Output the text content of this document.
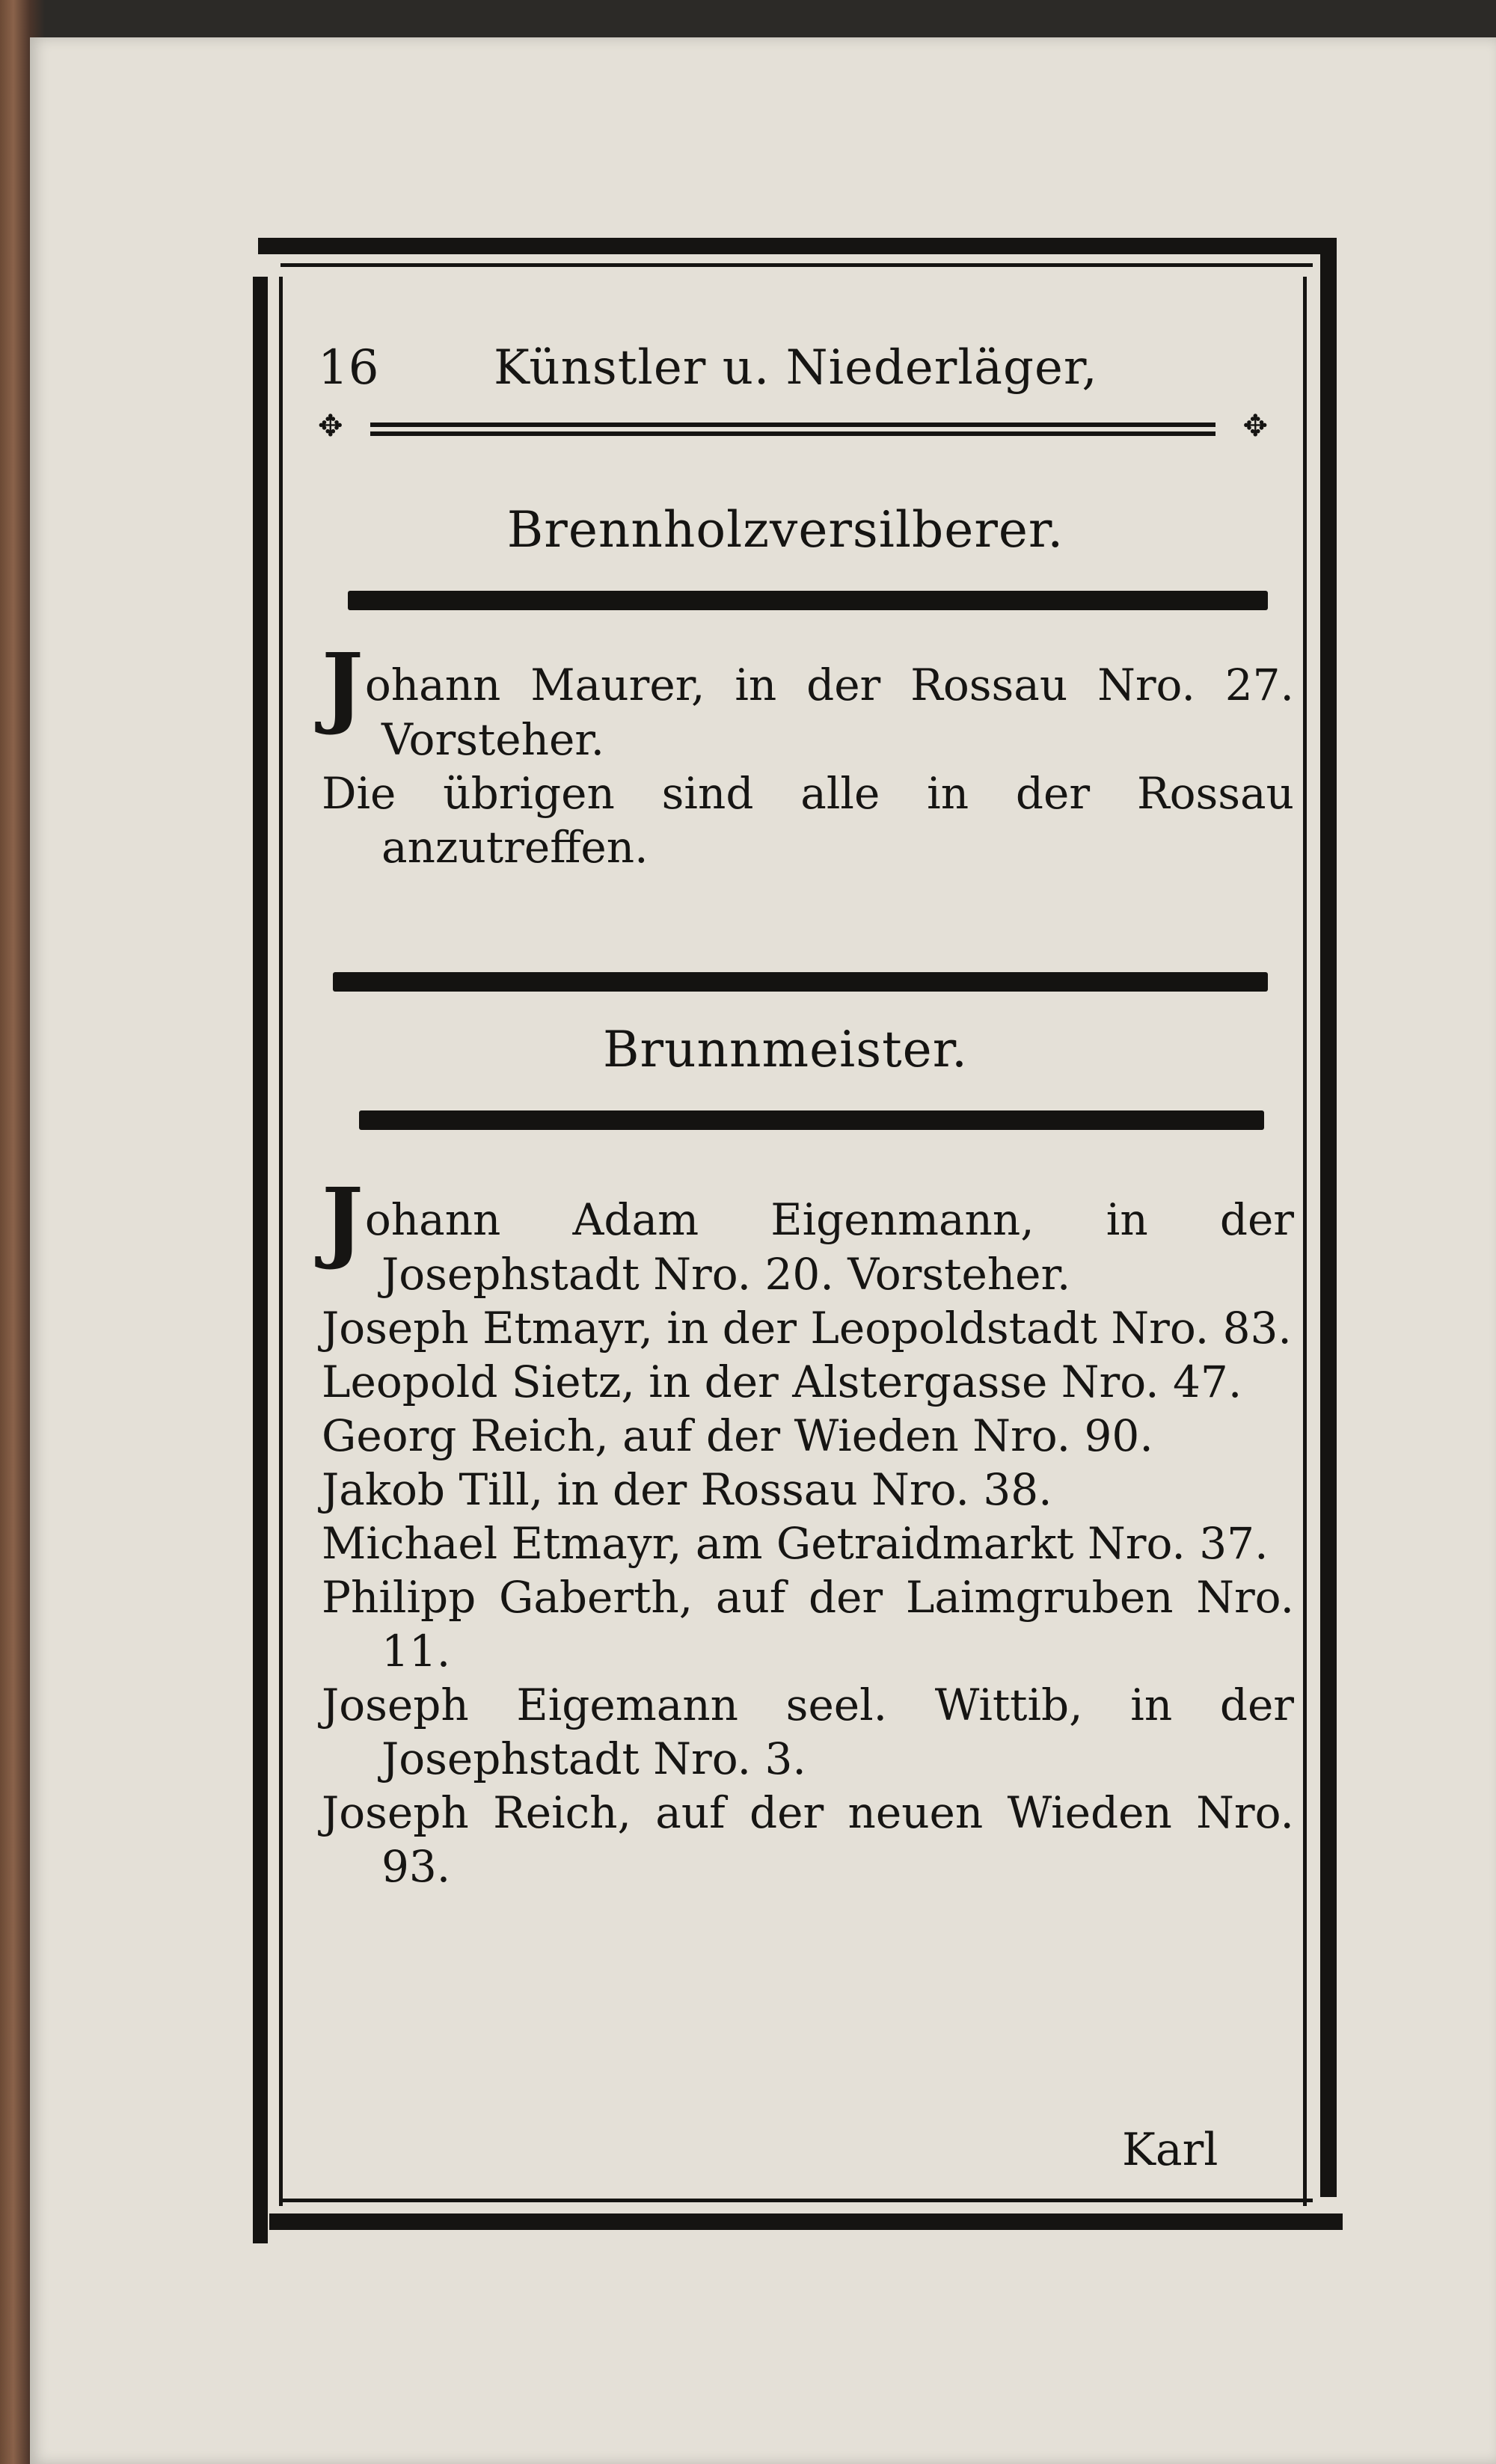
16 Künstler u. Niederläger,
✥	✥
Brennholzversilberer.
Johann Maurer, in der Rossau Nro. 27. Vorsteher.
Die übrigen sind alle in der Rossau anzutreffen.
Brunnmeister.
Johann Adam Eigenmann, in der Josephstadt Nro. 20. Vorsteher.
Joseph Etmayr, in der Leopoldstadt Nro. 83.
Leopold Sietz, in der Alstergasse Nro. 47.
Georg Reich, auf der Wieden Nro. 90.
Jakob Till, in der Rossau Nro. 38.
Michael Etmayr, am Getraidmarkt Nro. 37.
Philipp Gaberth, auf der Laimgruben Nro. 11.
Joseph Eigemann seel. Wittib, in der Josephstadt Nro. 3.
Joseph Reich, auf der neuen Wieden Nro. 93.
Karl
